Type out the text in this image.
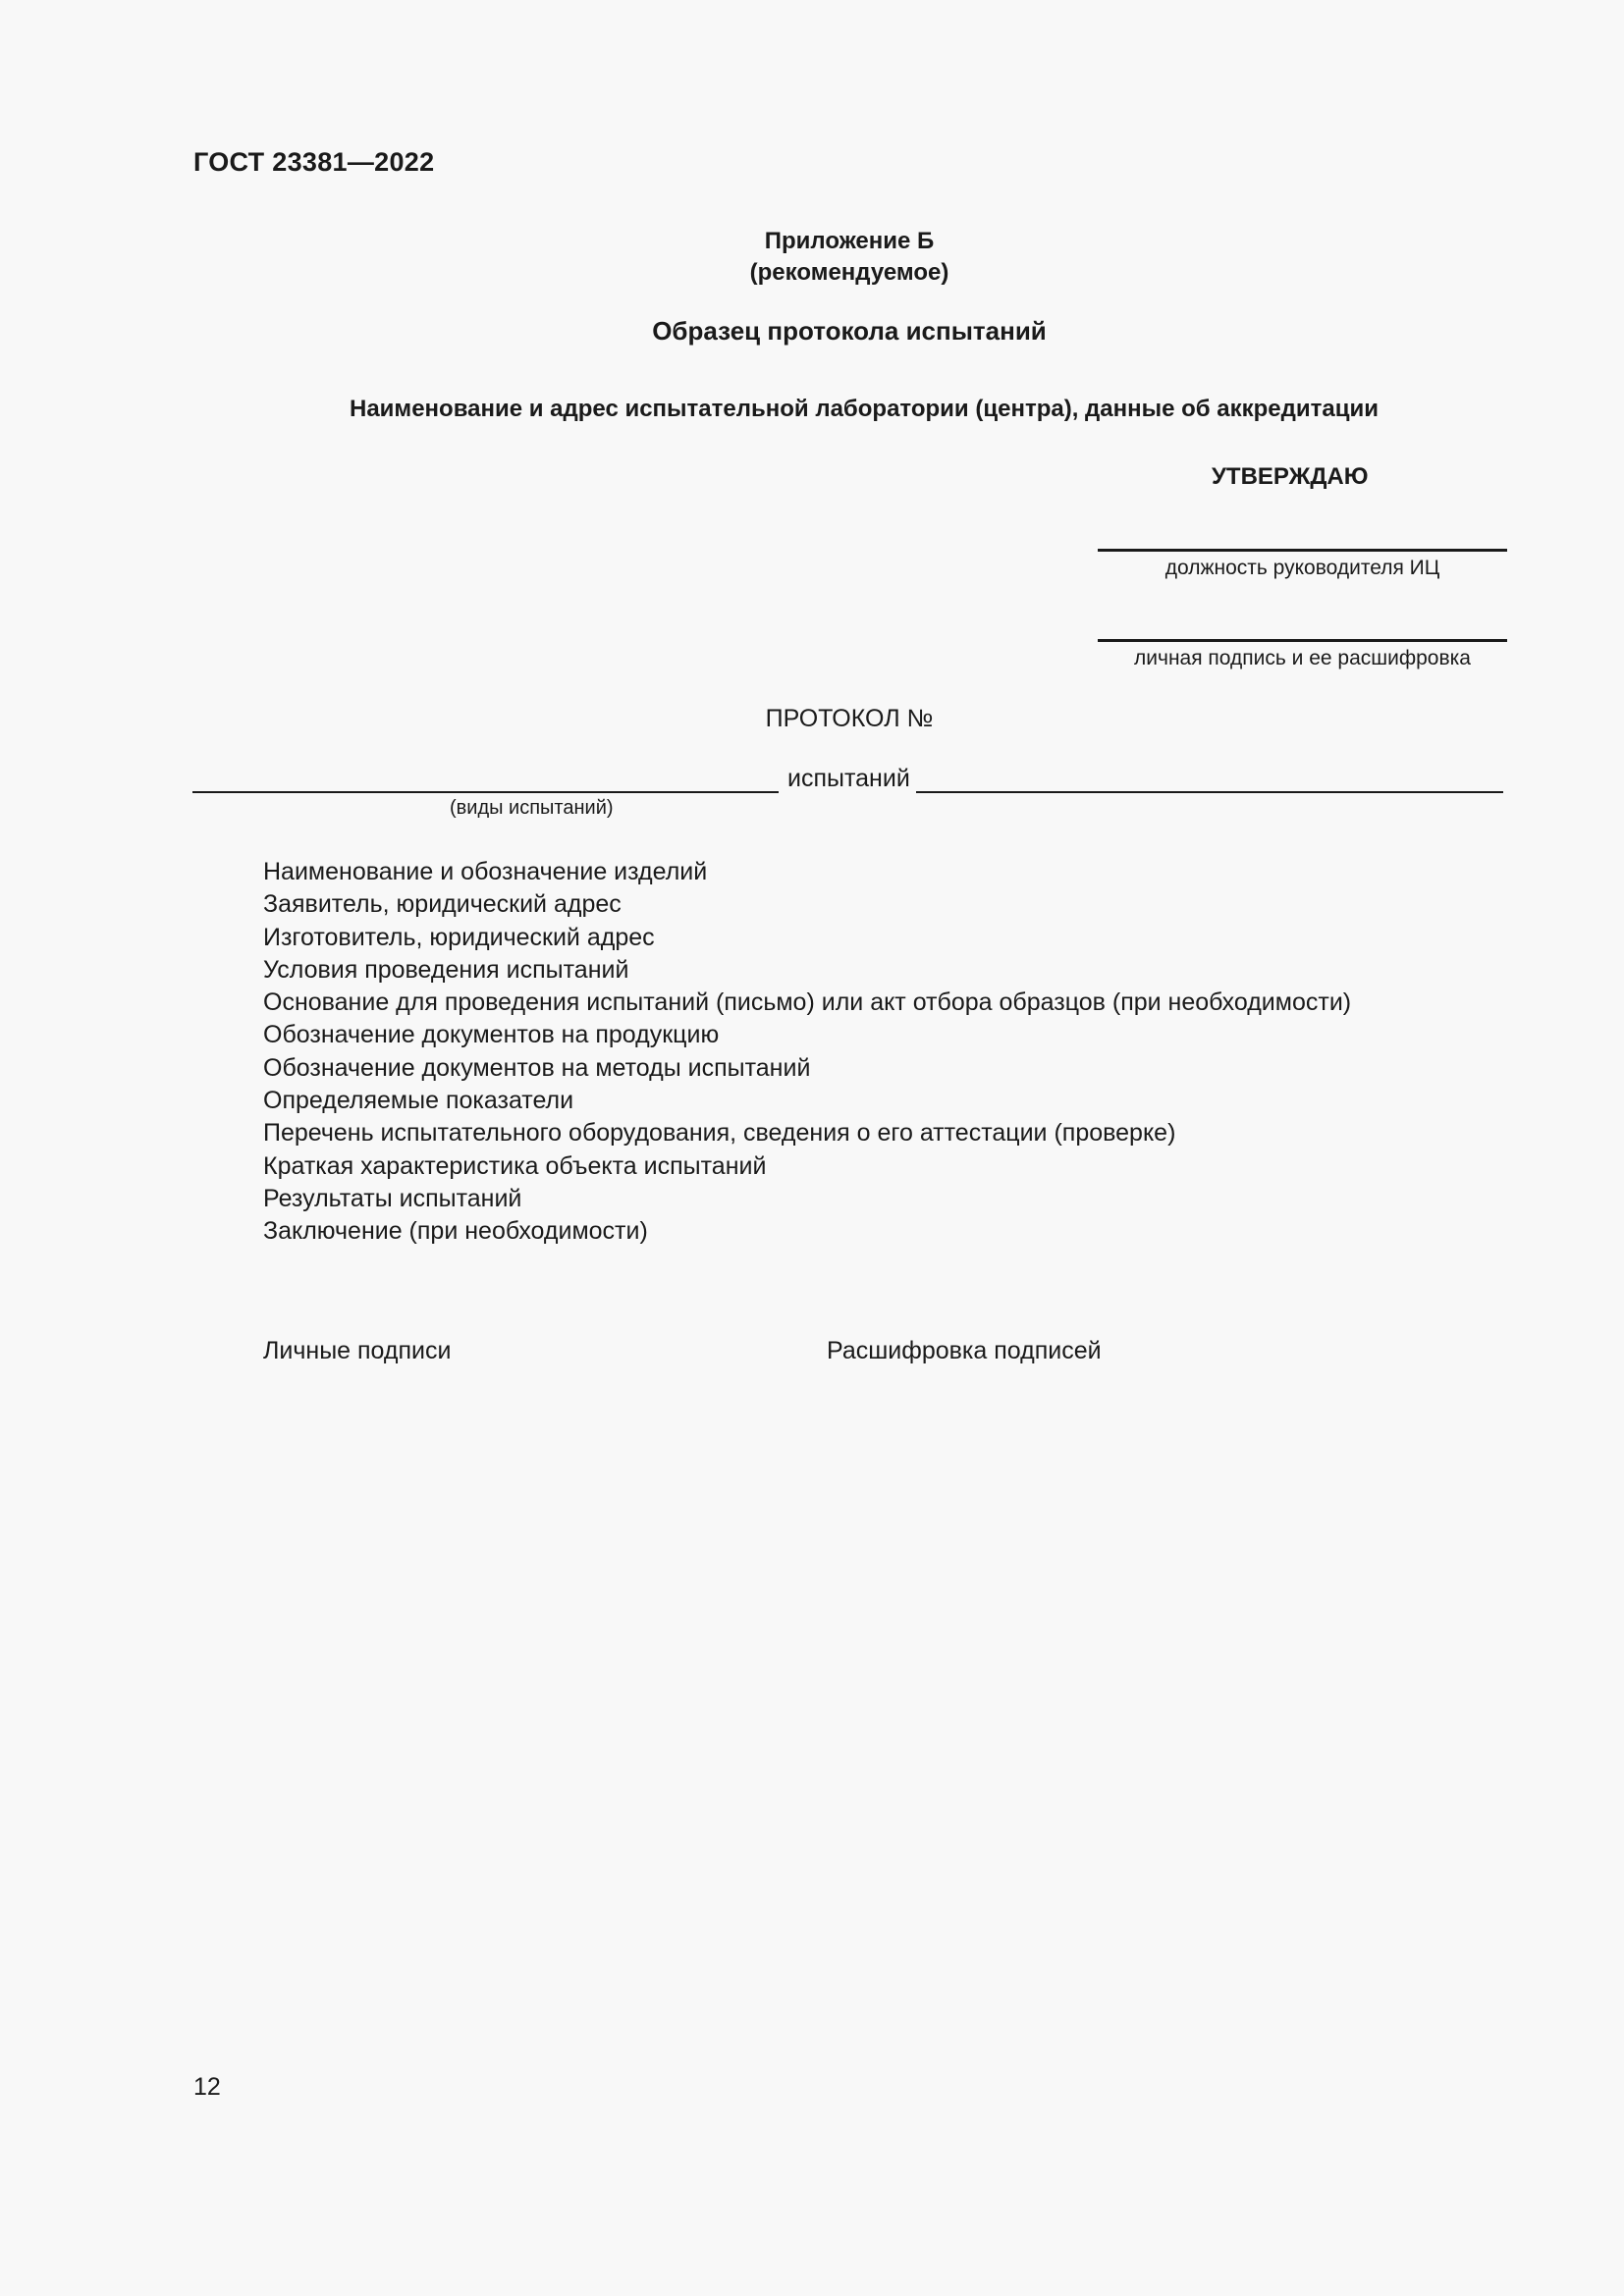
ГОСТ 23381—2022
Приложение Б
(рекомендуемое)
Образец протокола испытаний
Наименование и адрес испытательной лаборатории (центра), данные об аккредитации
УТВЕРЖДАЮ
должность руководителя ИЦ
личная подпись и ее расшифровка
ПРОТОКОЛ №
испытаний
(виды испытаний)
Наименование и обозначение изделий
Заявитель, юридический адрес
Изготовитель, юридический адрес
Условия проведения испытаний
Основание для проведения испытаний (письмо) или акт отбора образцов (при необходимости)
Обозначение документов на продукцию
Обозначение документов на методы испытаний
Определяемые показатели
Перечень испытательного оборудования, сведения о его аттестации (проверке)
Краткая характеристика объекта испытаний
Результаты испытаний
Заключение (при необходимости)
Личные подписи	Расшифровка подписей
12
